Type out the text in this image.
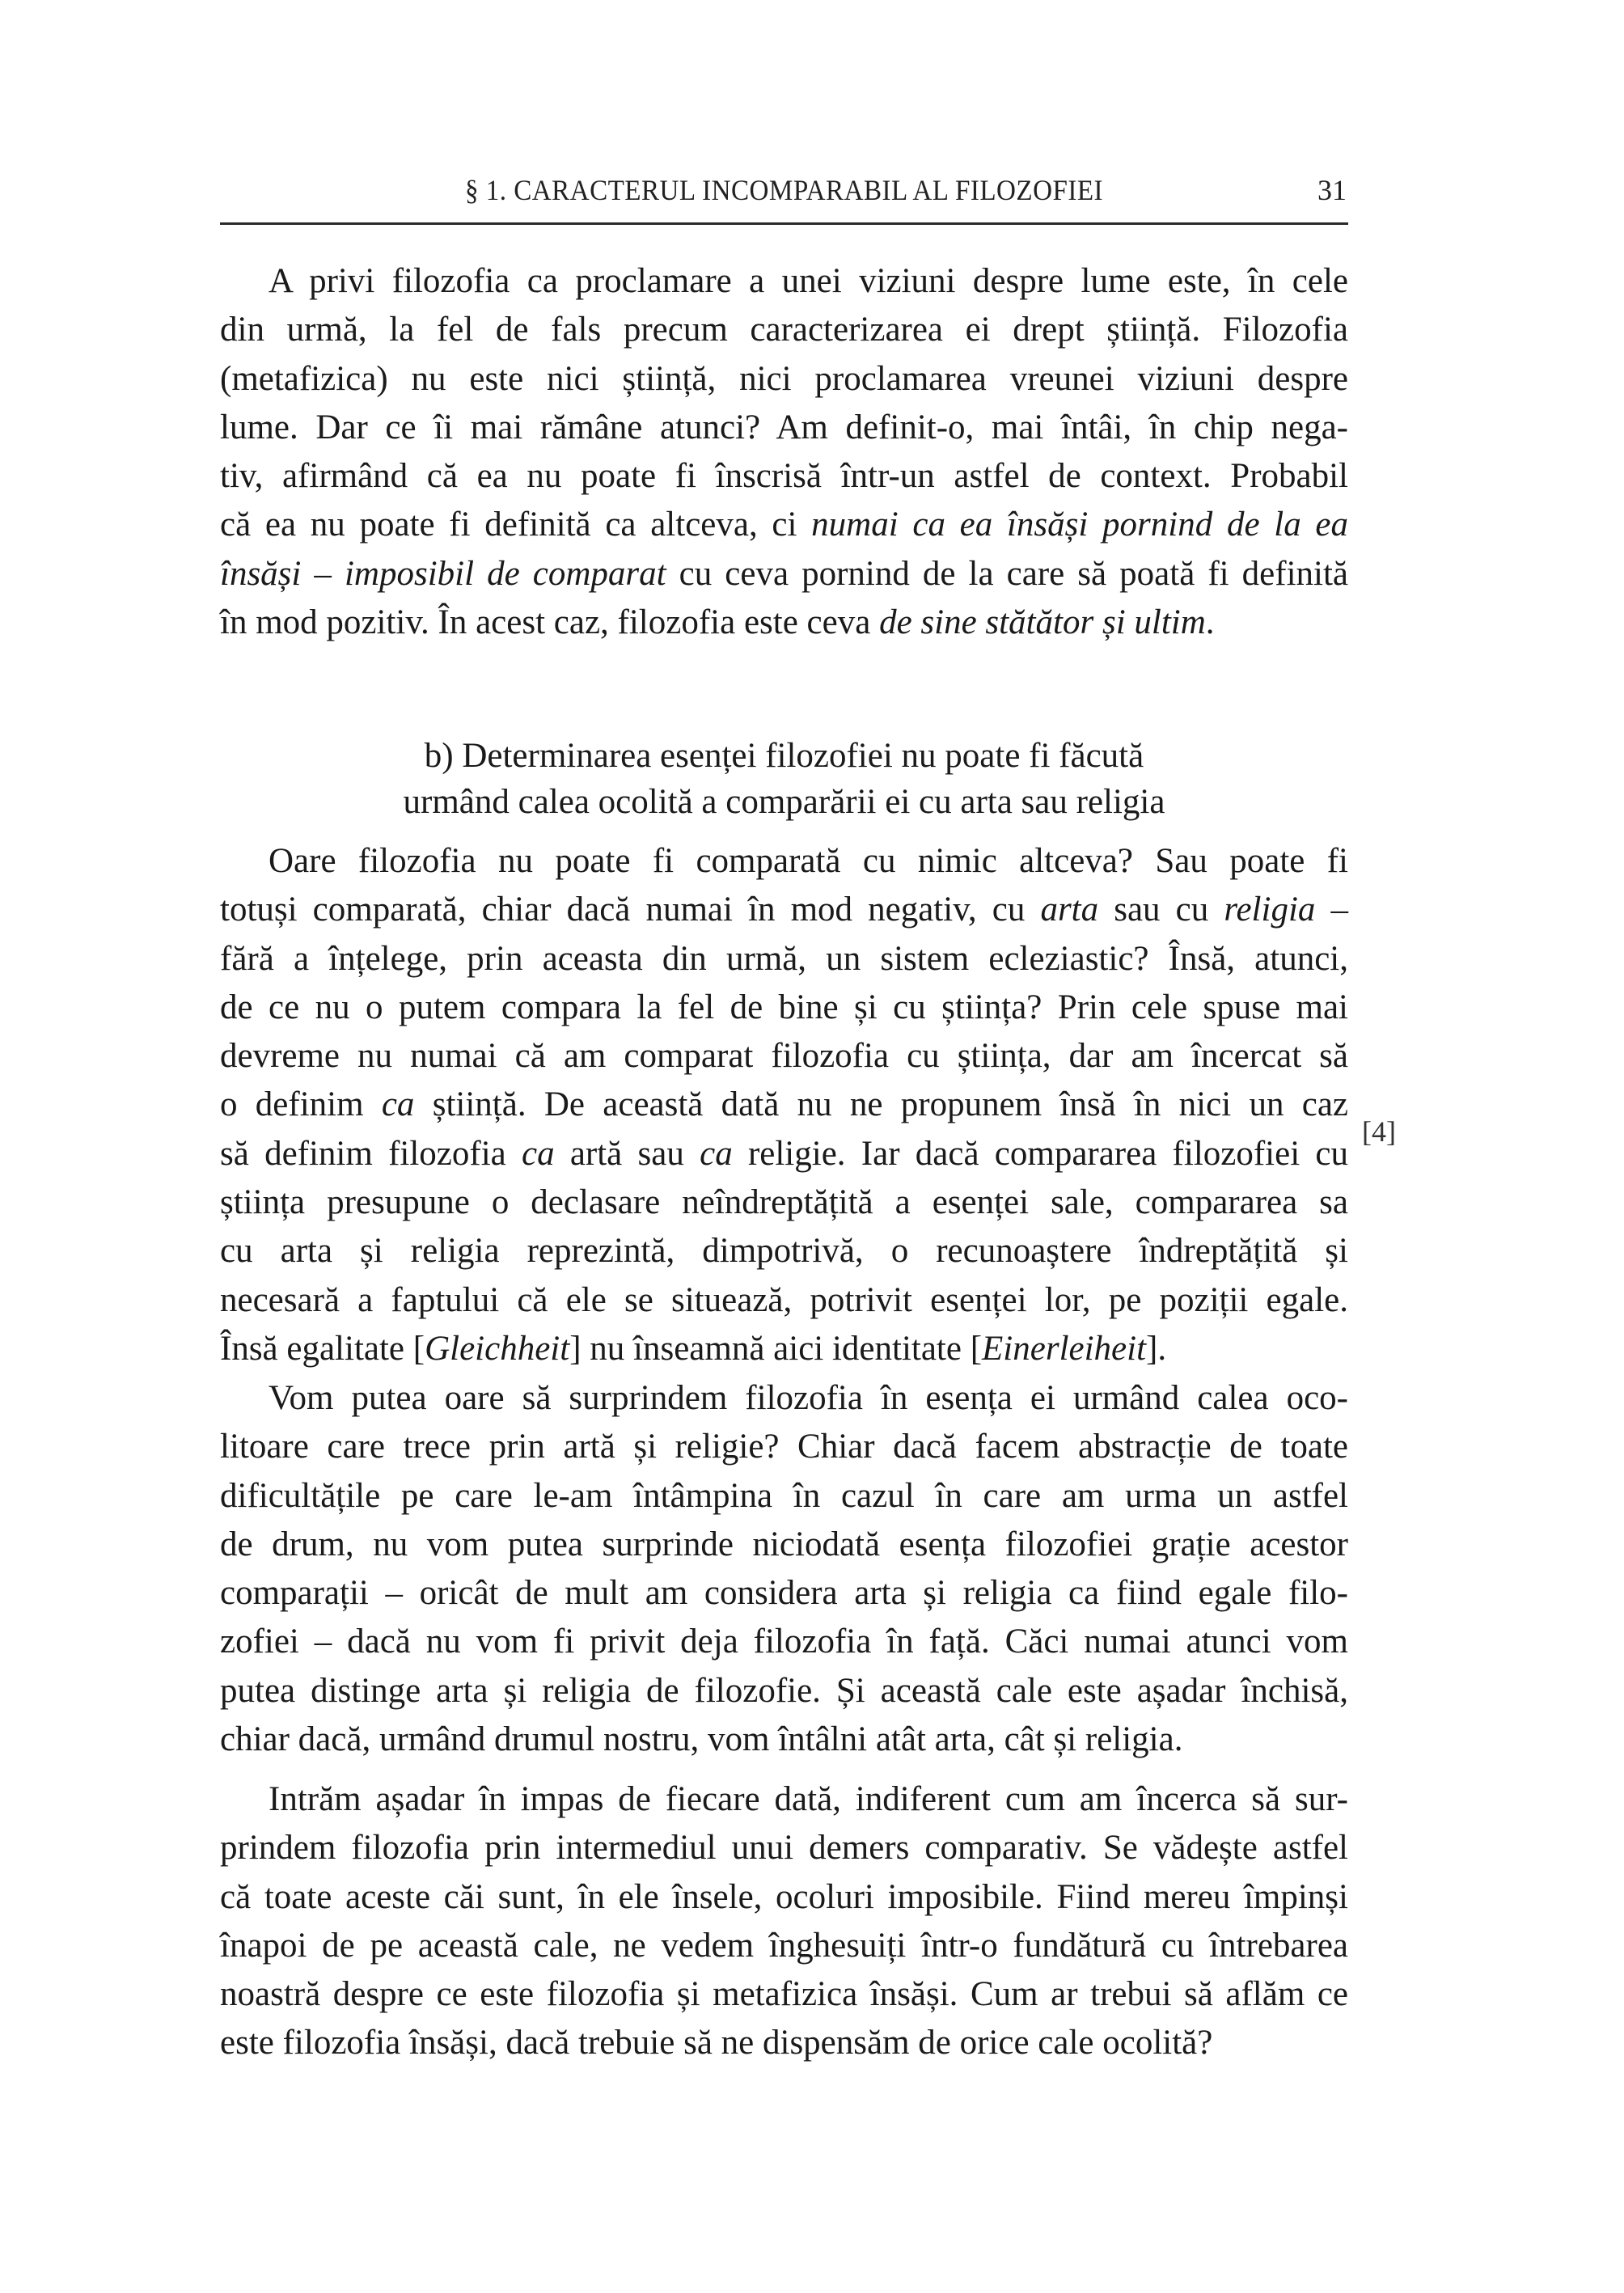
§ 1. CARACTERUL INCOMPARABIL AL FILOZOFIEI	31
A privi filozofia ca proclamare a unei viziuni despre lume este, în cele
din urmă, la fel de fals precum caracterizarea ei drept știință. Filozofia
(metafizica) nu este nici știință, nici proclamarea vreunei viziuni despre
lume. Dar ce îi mai rămâne atunci? Am definit-o, mai întâi, în chip nega-
tiv, afirmând că ea nu poate fi înscrisă într-un astfel de context. Probabil
că ea nu poate fi definită ca altceva, ci numai ca ea însăși pornind de la ea
însăși – imposibil de comparat cu ceva pornind de la care să poată fi definită
în mod pozitiv. În acest caz, filozofia este ceva de sine stătător și ultim.
b) Determinarea esenței filozofiei nu poate fi făcută
urmând calea ocolită a comparării ei cu arta sau religia
Oare filozofia nu poate fi comparată cu nimic altceva? Sau poate fi
totuși comparată, chiar dacă numai în mod negativ, cu arta sau cu religia –
fără a înțelege, prin aceasta din urmă, un sistem ecleziastic? Însă, atunci,
de ce nu o putem compara la fel de bine și cu știința? Prin cele spuse mai
devreme nu numai că am comparat filozofia cu știința, dar am încercat să
o definim ca știință. De această dată nu ne propunem însă în nici un caz
să definim filozofia ca artă sau ca religie. Iar dacă compararea filozofiei cu
știința presupune o declasare neîndreptățită a esenței sale, compararea sa
cu arta și religia reprezintă, dimpotrivă, o recunoaștere îndreptățită și
necesară a faptului că ele se situează, potrivit esenței lor, pe poziții egale.
Însă egalitate [Gleichheit] nu înseamnă aici identitate [Einerleiheit].
[4]
Vom putea oare să surprindem filozofia în esența ei urmând calea oco-
litoare care trece prin artă și religie? Chiar dacă facem abstracție de toate
dificultățile pe care le-am întâmpina în cazul în care am urma un astfel
de drum, nu vom putea surprinde niciodată esența filozofiei grație acestor
comparații – oricât de mult am considera arta și religia ca fiind egale filo-
zofiei – dacă nu vom fi privit deja filozofia în față. Căci numai atunci vom
putea distinge arta și religia de filozofie. Și această cale este așadar închisă,
chiar dacă, urmând drumul nostru, vom întâlni atât arta, cât și religia.
Intrăm așadar în impas de fiecare dată, indiferent cum am încerca să sur-
prindem filozofia prin intermediul unui demers comparativ. Se vădește astfel
că toate aceste căi sunt, în ele însele, ocoluri imposibile. Fiind mereu împinși
înapoi de pe această cale, ne vedem înghesuiți într-o fundătură cu întrebarea
noastră despre ce este filozofia și metafizica însăși. Cum ar trebui să aflăm ce
este filozofia însăși, dacă trebuie să ne dispensăm de orice cale ocolită?
